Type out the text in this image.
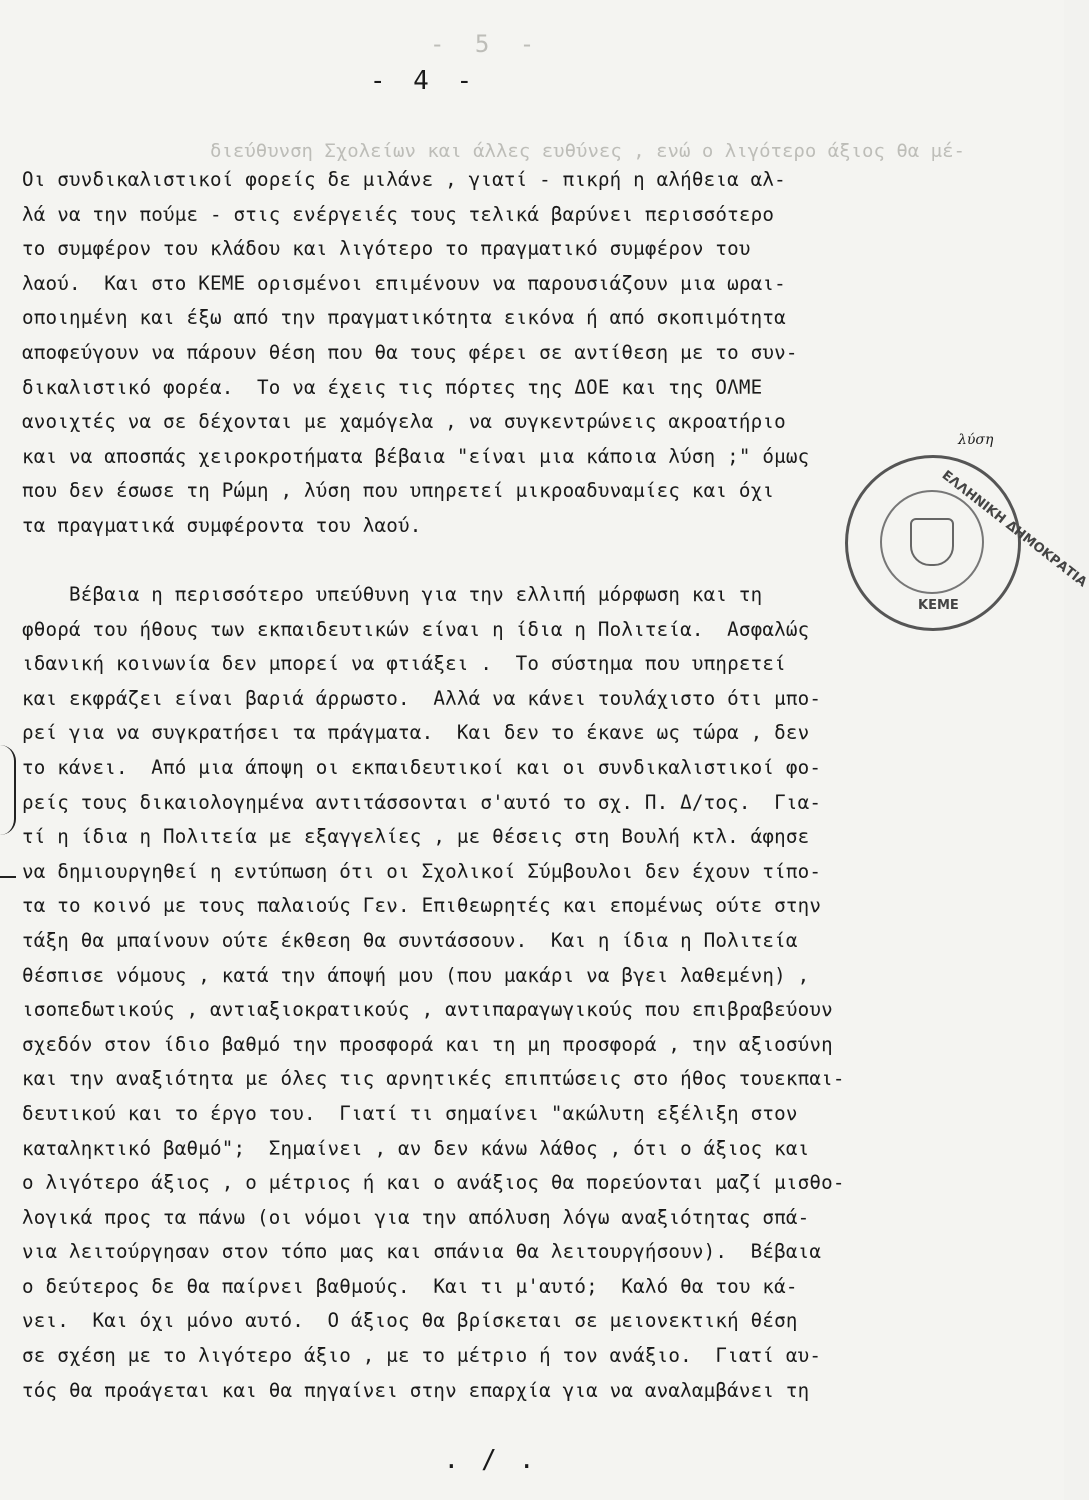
- 5 -
διεύθυνση Σχολείων και άλλες ευθύνες , ενώ ο λιγότερο άξιος θα μέ-
- 4 -
Οι συνδικαλιστικοί φορείς δε μιλάνε , γιατί - πικρή η αλήθεια αλ-
λά να την πούμε - στις ενέργειές τους τελικά βαρύνει περισσότερο
το συμφέρον του κλάδου και λιγότερο το πραγματικό συμφέρον του
λαού.  Και στο ΚΕΜΕ ορισμένοι επιμένουν να παρουσιάζουν μια ωραι-
οποιημένη και έξω από την πραγματικότητα εικόνα ή από σκοπιμότητα
αποφεύγουν να πάρουν θέση που θα τους φέρει σε αντίθεση με το συν-
δικαλιστικό φορέα.  Το να έχεις τις πόρτες της ΔΟΕ και της ΟΛΜΕ
ανοιχτές να σε δέχονται με χαμόγελα , να συγκεντρώνεις ακροατήριο
και να αποσπάς χειροκροτήματα βέβαια "είναι μια κάποια λύση ;" όμως
που δεν έσωσε τη Ρώμη , λύση που υπηρετεί μικροαδυναμίες και όχι
τα πραγματικά συμφέροντα του λαού.
λύση
Βέβαια η περισσότερο υπεύθυνη για την ελλιπή μόρφωση και τη
φθορά του ήθους των εκπαιδευτικών είναι η ίδια η Πολιτεία.  Ασφαλώς
ιδανική κοινωνία δεν μπορεί να φτιάξει .  Το σύστημα που υπηρετεί
και εκφράζει είναι βαριά άρρωστο.  Αλλά να κάνει τουλάχιστο ότι μπο-
ρεί για να συγκρατήσει τα πράγματα.  Και δεν το έκανε ως τώρα , δεν
το κάνει.  Από μια άποψη οι εκπαιδευτικοί και οι συνδικαλιστικοί φο-
ρείς τους δικαιολογημένα αντιτάσσονται σ'αυτό το σχ. Π. Δ/τος.  Για-
τί η ίδια η Πολιτεία με εξαγγελίες , με θέσεις στη Βουλή κτλ. άφησε
να δημιουργηθεί η εντύπωση ότι οι Σχολικοί Σύμβουλοι δεν έχουν τίπο-
τα το κοινό με τους παλαιούς Γεν. Επιθεωρητές και επομένως ούτε στην
τάξη θα μπαίνουν ούτε έκθεση θα συντάσσουν.  Και η ίδια η Πολιτεία
θέσπισε νόμους , κατά την άποψή μου (που μακάρι να βγει λαθεμένη) ,
ισοπεδωτικούς , αντιαξιοκρατικούς , αντιπαραγωγικούς που επιβραβεύουν
σχεδόν στον ίδιο βαθμό την προσφορά και τη μη προσφορά , την αξιοσύνη
και την αναξιότητα με όλες τις αρνητικές επιπτώσεις στο ήθος τουεκπαι-
δευτικού και το έργο του.  Γιατί τι σημαίνει "ακώλυτη εξέλιξη στον
καταληκτικό βαθμό";  Σημαίνει , αν δεν κάνω λάθος , ότι ο άξιος και
ο λιγότερο άξιος , ο μέτριος ή και ο ανάξιος θα πορεύονται μαζί μισθο-
λογικά προς τα πάνω (οι νόμοι για την απόλυση λόγω αναξιότητας σπά-
νια λειτούργησαν στον τόπο μας και σπάνια θα λειτουργήσουν).  Βέβαια
ο δεύτερος δε θα παίρνει βαθμούς.  Και τι μ'αυτό;  Καλό θα του κά-
νει.  Και όχι μόνο αυτό.  Ο άξιος θα βρίσκεται σε μειονεκτική θέση
σε σχέση με το λιγότερο άξιο , με το μέτριο ή τον ανάξιο.  Γιατί αυ-
τός θα προάγεται και θα πηγαίνει στην επαρχία για να αναλαμβάνει τη
ΕΛΛΗΝΙΚΗ ΔΗΜΟΚΡΑΤΙΑ
ΚΕΜΕ
./.
